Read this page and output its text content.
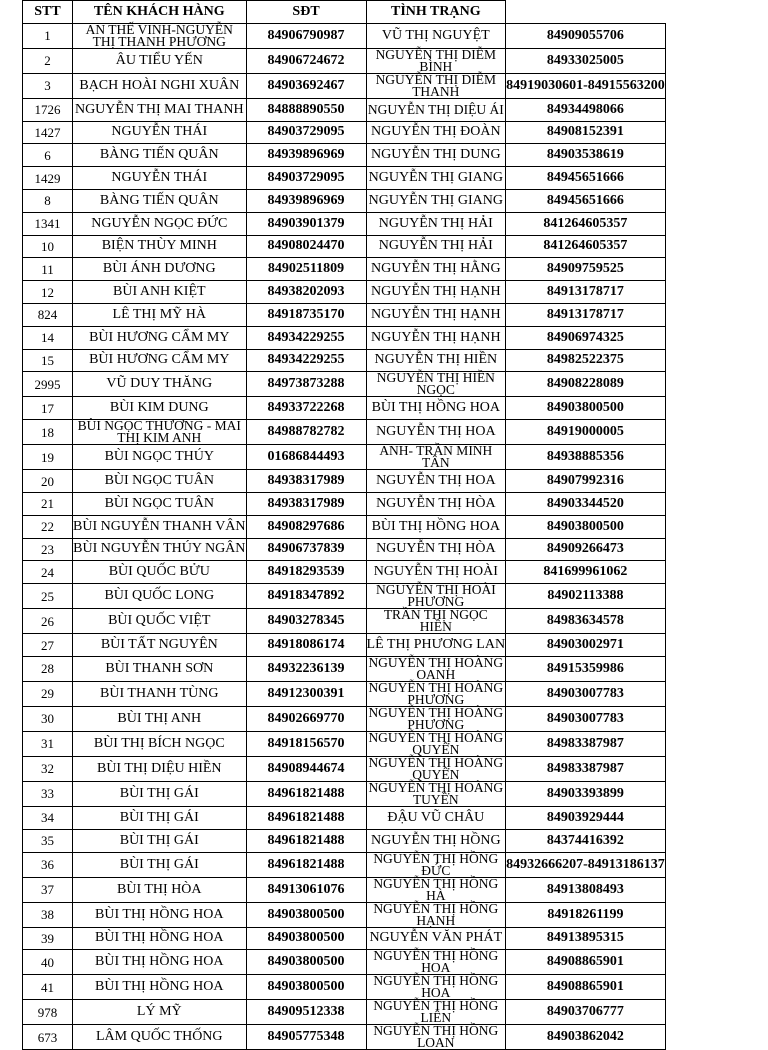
STT	TÊN KHÁCH HÀNG	SĐT	TÌNH TRẠNG	
1	AN THẾ VINH-NGUYỄN THỊ THANH PHƯƠNG	84906790987	VŨ THỊ NGUYỆT	84909055706
2	ÂU TIỂU YẾN	84906724672	NGUYỄN THỊ DIỄM BÌNH	84933025005
3	BẠCH HOÀI NGHI XUÂN	84903692467	NGUYỄN THỊ DIỄM THANH	84919030601-84915563200
1726	NGUYỄN THỊ MAI THANH	84888890550	NGUYỄN THỊ DIỆU ÁI	84934498066
1427	NGUYỄN THÁI	84903729095	NGUYỄN THỊ ĐOÀN	84908152391
6	BÀNG TIẾN QUÂN	84939896969	NGUYỄN THỊ DUNG	84903538619
1429	NGUYỄN THÁI	84903729095	NGUYỄN THỊ GIANG	84945651666
8	BÀNG TIẾN QUÂN	84939896969	NGUYỄN THỊ GIANG	84945651666
1341	NGUYỄN NGỌC ĐỨC	84903901379	NGUYỄN THỊ HẢI	841264605357
10	BIỆN THÙY MINH	84908024470	NGUYỄN THỊ HẢI	841264605357
11	BÙI ÁNH DƯƠNG	84902511809	NGUYỄN THỊ HẰNG	84909759525
12	BÙI ANH KIỆT	84938202093	NGUYỄN THỊ HẠNH	84913178717
824	LÊ THỊ MỸ HÀ	84918735170	NGUYỄN THỊ HẠNH	84913178717
14	BÙI HƯƠNG CẨM MY	84934229255	NGUYỄN THỊ HẠNH	84906974325
15	BÙI HƯƠNG CẨM MY	84934229255	NGUYỄN THỊ HIỀN	84982522375
2995	VŨ DUY THĂNG	84973873288	NGUYỄN THỊ HIỀN NGỌC	84908228089
17	BÙI KIM DUNG	84933722268	BÙI THỊ HỒNG HOA	84903800500
18	BÙI NGỌC THƯƠNG - MAI THỊ KIM ANH	84988782782	NGUYỄN THỊ HOA	84919000005
19	BÙI NGỌC THÚY	01686844493	ANH- TRẦN MINH TÂN	84938885356
20	BÙI NGỌC TUÂN	84938317989	NGUYỄN THỊ HOA	84907992316
21	BÙI NGỌC TUÂN	84938317989	NGUYỄN THỊ HÒA	84903344520
22	BÙI NGUYỄN THANH VÂN	84908297686	BÙI THỊ HỒNG HOA	84903800500
23	BÙI NGUYỄN THÚY NGÂN	84906737839	NGUYỄN THỊ HÒA	84909266473
24	BÙI QUỐC BỬU	84918293539	NGUYỄN THỊ HOÀI	841699961062
25	BÙI QUỐC LONG	84918347892	NGUYỄN THỊ HOÀI PHƯƠNG	84902113388
26	BÙI QUỐC VIỆT	84903278345	TRẦN THỊ NGỌC HIỀN	84983634578
27	BÙI TẤT NGUYÊN	84918086174	LÊ THỊ PHƯƠNG LAN	84903002971
28	BÙI THANH SƠN	84932236139	NGUYỄN THỊ HOÀNG OANH	84915359986
29	BÙI THANH TÙNG	84912300391	NGUYỄN THỊ HOÀNG PHƯƠNG	84903007783
30	BÙI THỊ ANH	84902669770	NGUYỄN THỊ HOÀNG PHƯƠNG	84903007783
31	BÙI THỊ BÍCH NGỌC	84918156570	NGUYỄN THỊ HOÀNG QUYÊN	84983387987
32	BÙI THỊ DIỆU HIỀN	84908944674	NGUYỄN THỊ HOÀNG QUYÊN	84983387987
33	BÙI THỊ GÁI	84961821488	NGUYỄN THỊ HOÀNG TUYỀN	84903393899
34	BÙI THỊ GÁI	84961821488	ĐẬU VŨ CHÂU	84903929444
35	BÙI THỊ GÁI	84961821488	NGUYỄN THỊ HỒNG	84374416392
36	BÙI THỊ GÁI	84961821488	NGUYỄN THỊ HỒNG ĐỨC	84932666207-84913186137
37	BÙI THỊ HÒA	84913061076	NGUYỄN THỊ HỒNG HÀ	84913808493
38	BÙI THỊ HỒNG HOA	84903800500	NGUYỄN THỊ HỒNG HẠNH	84918261199
39	BÙI THỊ HỒNG HOA	84903800500	NGUYỄN VĂN PHÁT	84913895315
40	BÙI THỊ HỒNG HOA	84903800500	NGUYỄN THỊ HỒNG HOA	84908865901
41	BÙI THỊ HỒNG HOA	84903800500	NGUYỄN THỊ HỒNG HOA	84908865901
978	LÝ MỸ	84909512338	NGUYỄN THỊ HỒNG LIÊN	84903706777
673	LÂM QUỐC THỐNG	84905775348	NGUYỄN THỊ HỒNG LOAN	84903862042
